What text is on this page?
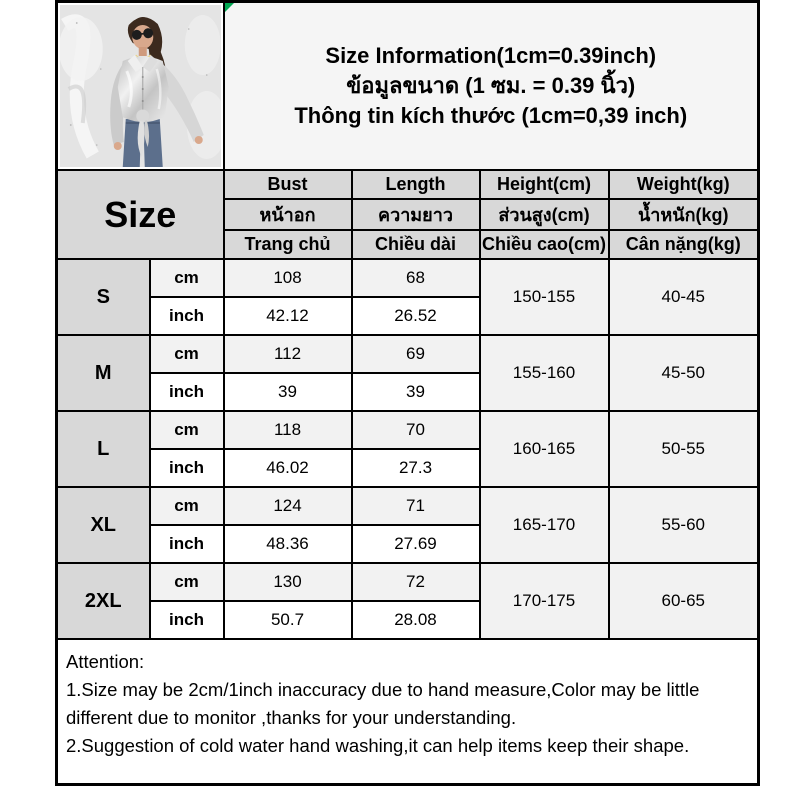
Size Information(1cm=0.39inch)
ข้อมูลขนาด (1 ซม. = 0.39 นิ้ว)
Thông tin kích thước (1cm=0,39 inch)			

Size		Bust	Length	Height(cm)	Weight(kg)
		หน้าอก	ความยาว	ส่วนสูง(cm)	น้ำหนัก(kg)
		Trang chủ	Chiều dài	Chiều cao(cm)	Cân nặng(kg)
S	cm	108	68	150-155	40-45
	inch	42.12	26.52		
M	cm	112	69	155-160	45-50
	inch	39	39		
L	cm	118	70	160-165	50-55
	inch	46.02	27.3		
XL	cm	124	71	165-170	55-60
	inch	48.36	27.69		
2XL	cm	130	72	170-175	60-65
	inch	50.7	28.08		

Attention:
1.Size may be 2cm/1inch inaccuracy due to hand measure,Color may be little different due to monitor ,thanks for your understanding.
2.Suggestion of cold water hand washing,it can help items keep their shape.					
